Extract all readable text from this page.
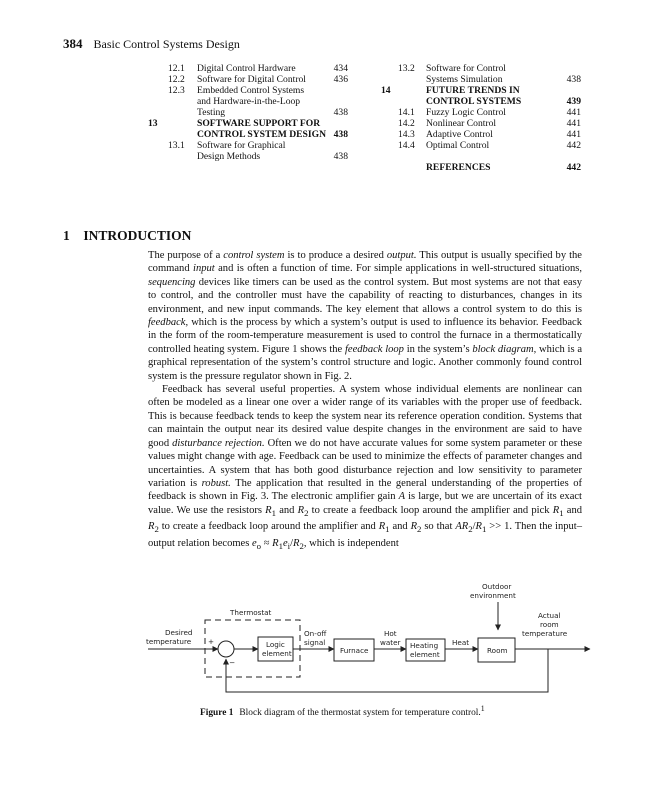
384 Basic Control Systems Design
12.1 Digital Control Hardware	434
12.2 Software for Digital Control	436
12.3 Embedded Control Systems
and Hardware-in-the-Loop
Testing	438
13	SOFTWARE SUPPORT FOR
CONTROL SYSTEM DESIGN 438
13.1 Software for Graphical
Design Methods	438
13.2 Software for Control
Systems Simulation	438
14	FUTURE TRENDS IN
CONTROL SYSTEMS	439
14.1 Fuzzy Logic Control	441
14.2 Nonlinear Control	441
14.3 Adaptive Control	441
14.4 Optimal Control	442
REFERENCES	442
1 INTRODUCTION

The purpose of a control system is to produce a desired output. This output is usually specified by the command input and is often a function of time. For simple applications in well-structured situations, sequencing devices like timers can be used as the control system. But most systems are not that easy to control, and the controller must have the capability of reacting to disturbances, changes in its environment, and new input commands. The key element that allows a control system to do this is feedback, which is the process by which a system’s output is used to influence its behavior. Feedback in the form of the room-temperature measurement is used to control the furnace in a thermostatically controlled heating system. Figure 1 shows the feedback loop in the system’s block diagram, which is a graphical representation of the system’s control structure and logic. Another commonly found control system is the pressure regulator shown in Fig. 2.

Feedback has several useful properties. A system whose individual elements are nonlinear can often be modeled as a linear one over a wider range of its variables with the proper use of feedback. This is because feedback tends to keep the system near its reference operation condition. Systems that can maintain the output near its desired value despite changes in the environment are said to have good disturbance rejection. Often we do not have accurate values for some system parameter or these values might change with age. Feedback can be used to minimize the effects of parameter changes and uncertainties. A system that has both good disturbance rejection and low sensitivity to parameter variation is robust. The application that resulted in the general understanding of the properties of feedback is shown in Fig. 3. The electronic amplifier gain A is large, but we are uncertain of its exact value. We use the resistors $R_1$ and $R_2$ to create a feedback loop around the amplifier and pick $R_1$ and $R_2$ to create a feedback loop around the amplifier and $R_1$ and $R_2$ so that $AR_2/R_1 >> 1$. Then the input–output relation becomes $e_o \approx R_1e_i/R_2$, which is independent

Outdoor
environment
Thermostat
Desired
temperature +
−
Logic
element
On-off
signal
Furnace
Hot
water Heating
element
Heat
Room
Actual
room
temperature
Figure 1 Block diagram of the thermostat system for temperature control.$^1$
